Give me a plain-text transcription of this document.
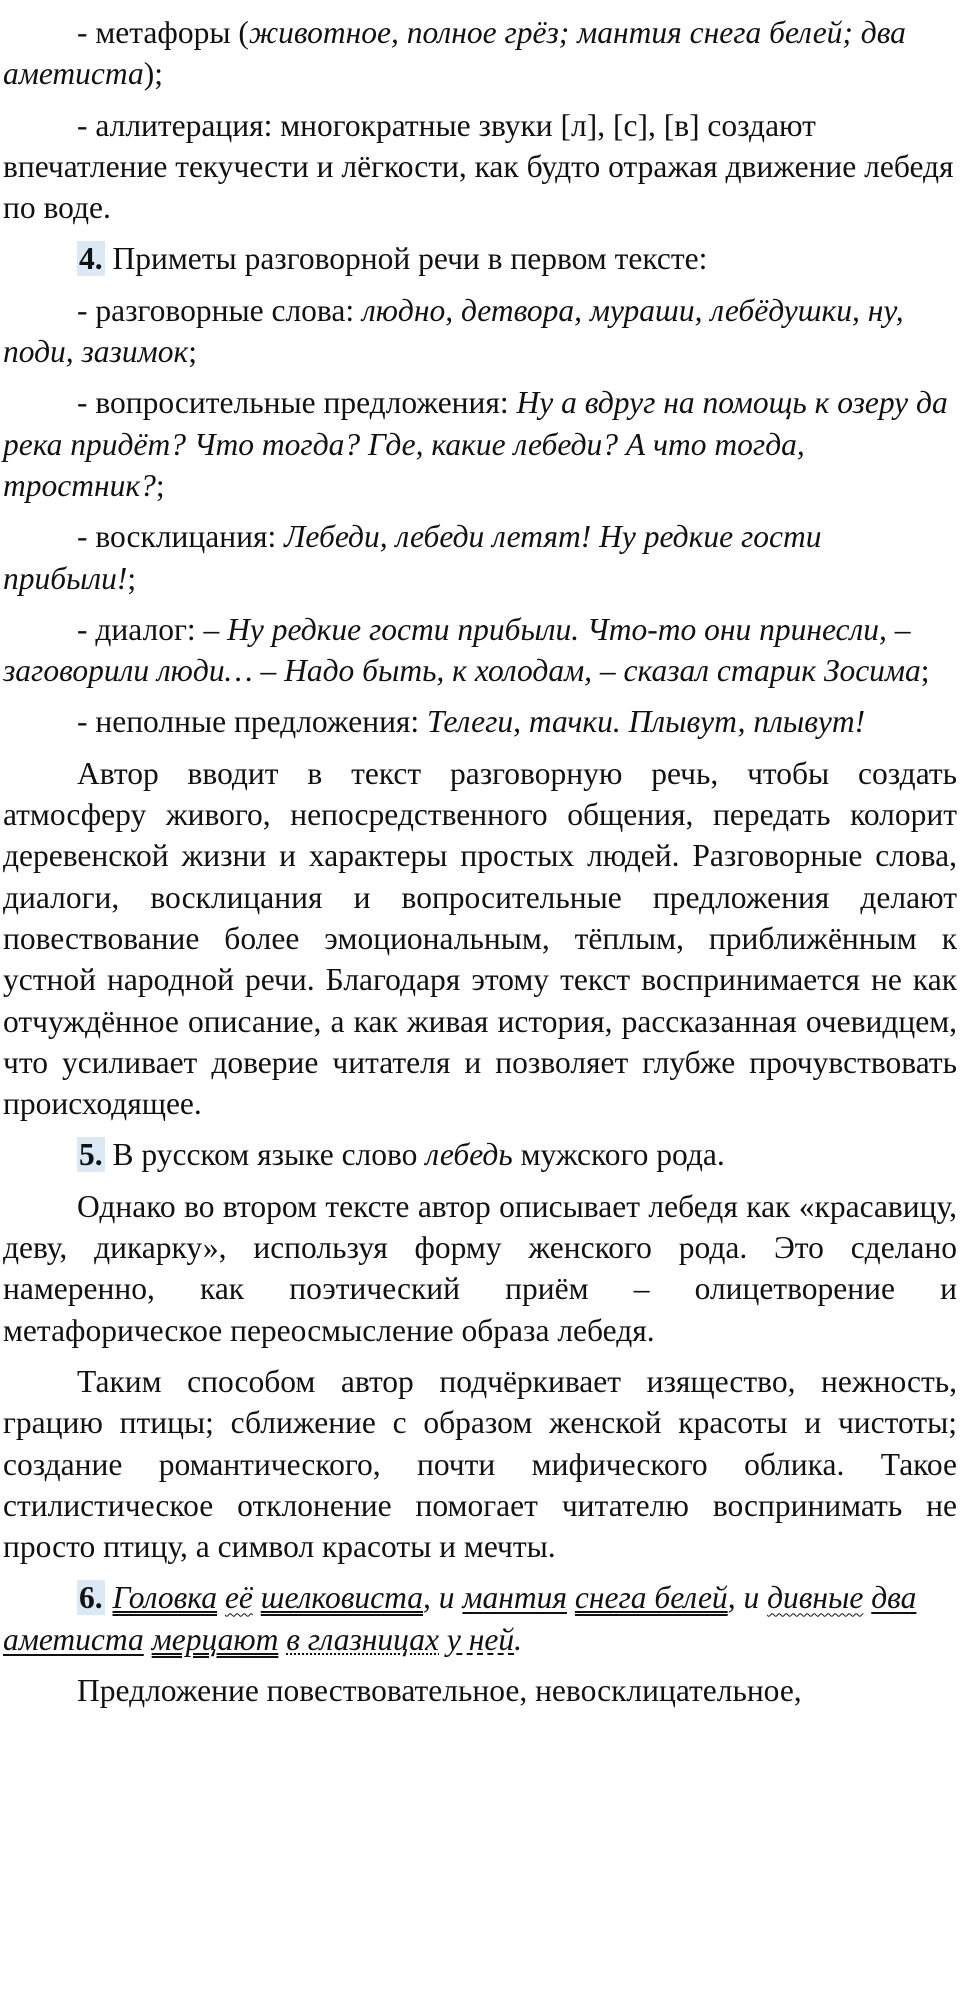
- метафоры (животное, полное грёз; мантия снега белей; два аметиста);

- аллитерация: многократные звуки [л], [с], [в] создают впечатление текучести и лёгкости, как будто отражая движение лебедя по воде.

4. Приметы разговорной речи в первом тексте:

- разговорные слова: людно, детвора, мураши, лебёдушки, ну, поди, зазимок;

- вопросительные предложения: Ну а вдруг на помощь к озеру да река придёт? Что тогда? Где, какие лебеди? А что тогда, тростник?;

- восклицания: Лебеди, лебеди летят! Ну редкие гости прибыли!;

- диалог: – Ну редкие гости прибыли. Что-то они принесли, – заговорили люди… – Надо быть, к холодам, – сказал старик Зосима;

- неполные предложения: Телеги, тачки. Плывут, плывут!

Автор вводит в текст разговорную речь, чтобы создать атмосферу живого, непосредственного общения, передать колорит деревенской жизни и характеры простых людей. Разговорные слова, диалоги, восклицания и вопросительные предложения делают повествование более эмоциональным, тёплым, приближённым к устной народной речи. Благодаря этому текст воспринимается не как отчуждённое описание, а как живая история, рассказанная очевидцем, что усиливает доверие читателя и позволяет глубже прочувствовать происходящее.

5. В русском языке слово лебедь мужского рода.

Однако во втором тексте автор описывает лебедя как «красавицу, деву, дикарку», используя форму женского рода. Это сделано намеренно, как поэтический приём – олицетворение и метафорическое переосмысление образа лебедя.

Таким способом автор подчёркивает изящество, нежность, грацию птицы; сближение с образом женской красоты и чистоты; создание романтического, почти мифического облика. Такое стилистическое отклонение помогает читателю воспринимать не просто птицу, а символ красоты и мечты.

6. Головка её шелковиста, и мантия снега белей, и дивные два аметиста мерцают в глазницах у ней.

Предложение повествовательное, невосклицательное,
